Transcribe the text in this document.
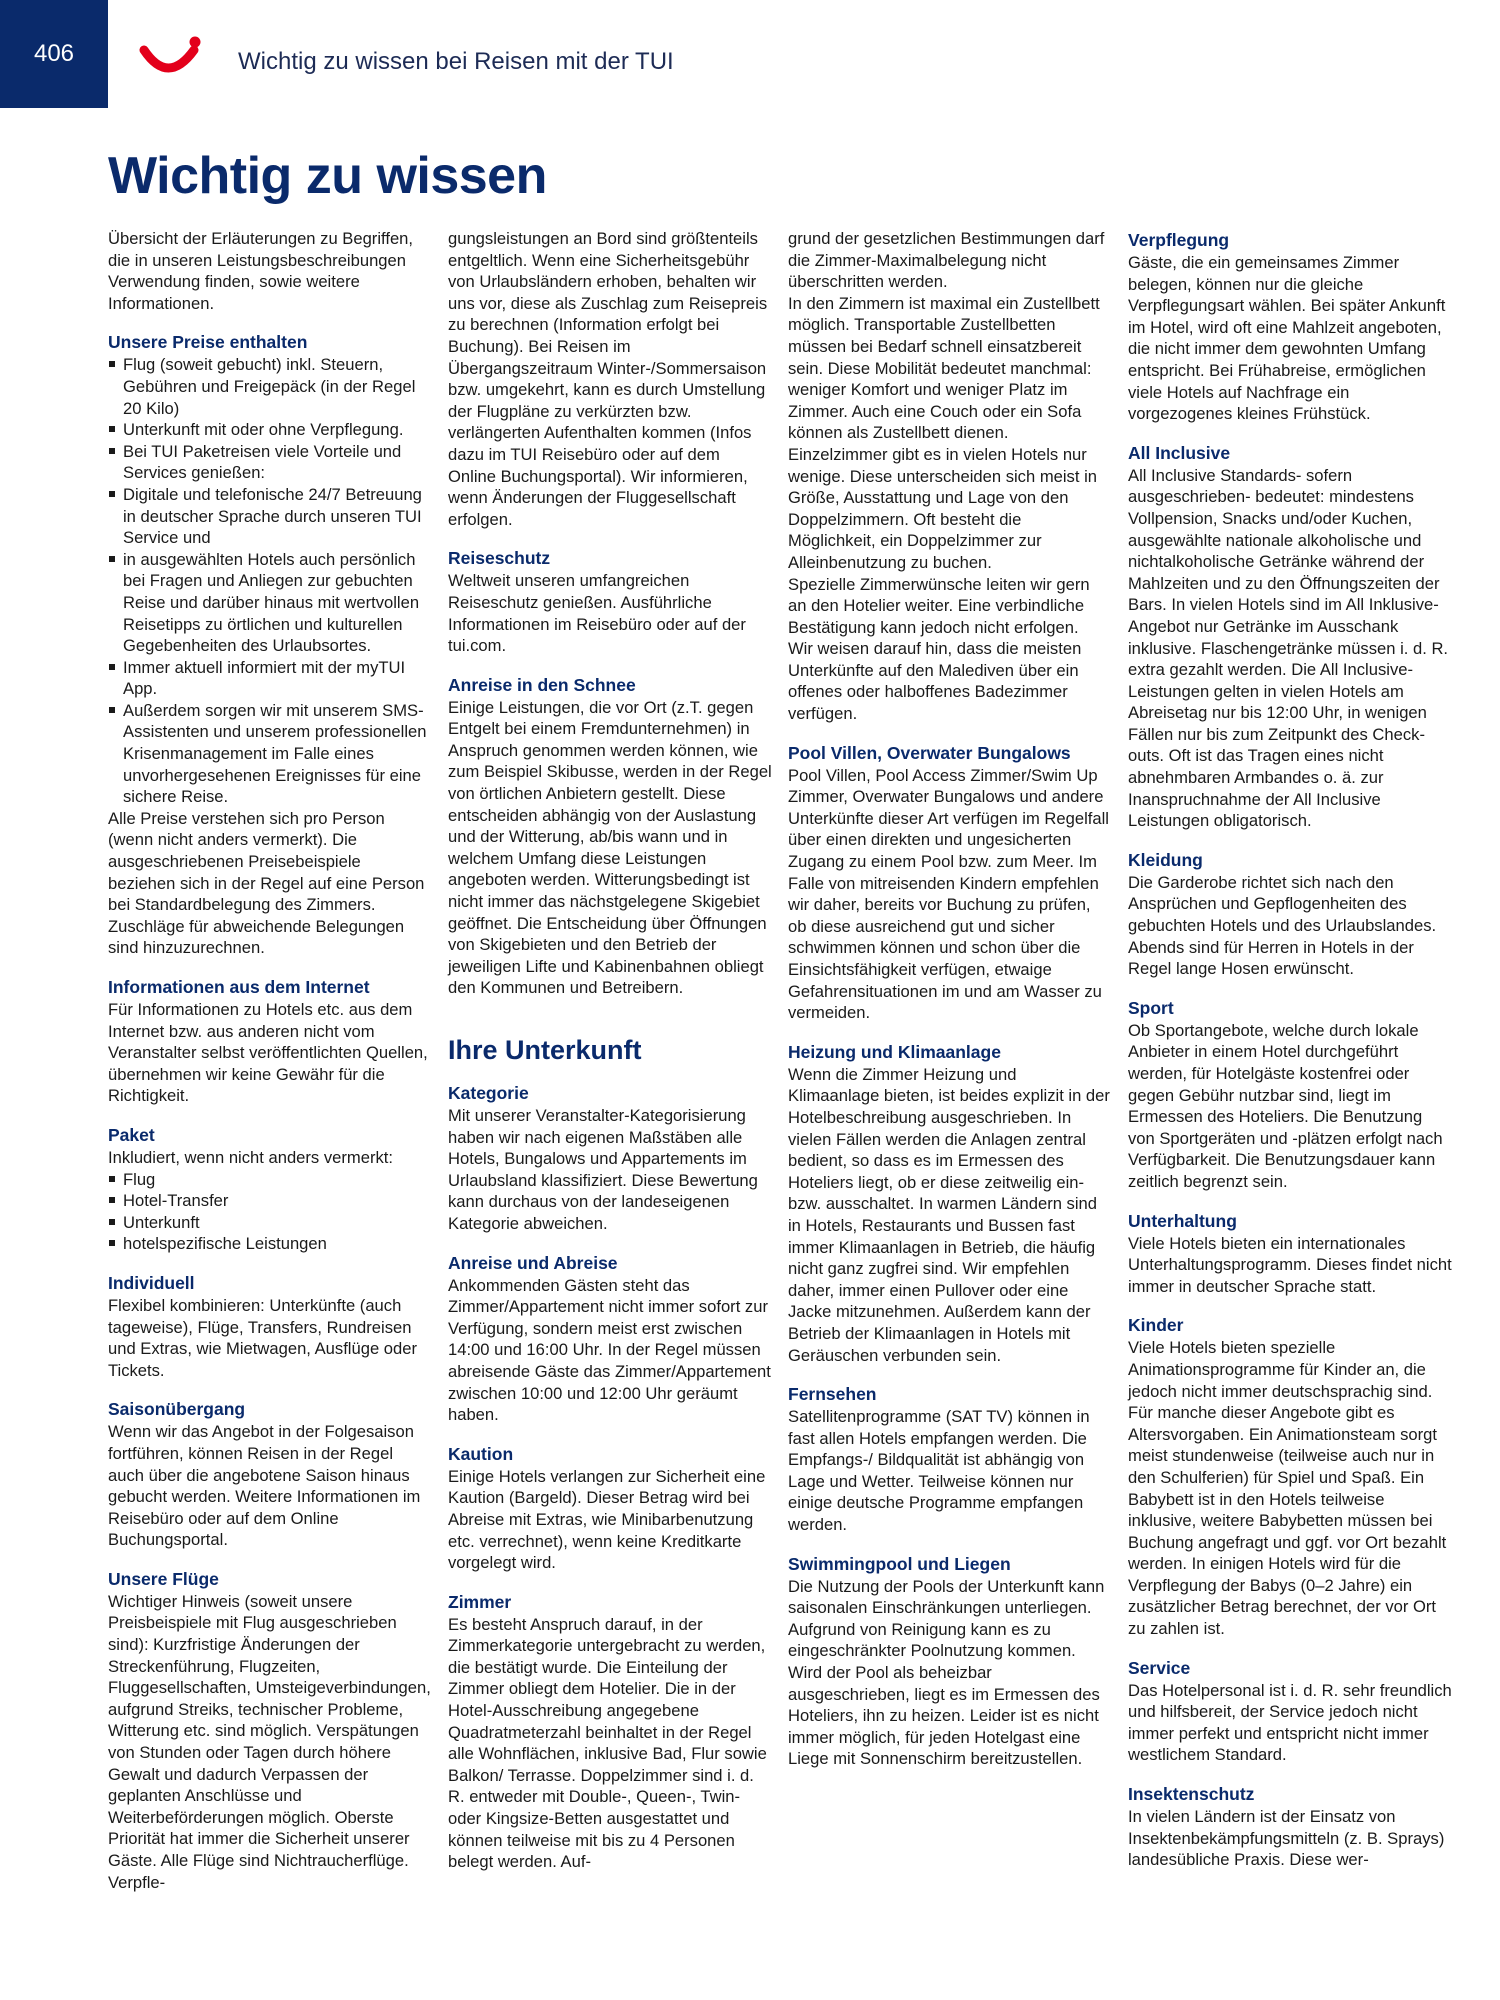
406	Wichtig zu wissen bei Reisen mit der TUI
Wichtig zu wissen

Übersicht der Erläuterungen zu Begriffen, die in unseren Leistungsbeschreibungen Verwendung finden, sowie weitere Informationen.

Unsere Preise enthalten
Flug (soweit gebucht) inkl. Steuern, Gebühren und Freigepäck (in der Regel 20 Kilo)
Unterkunft mit oder ohne Verpflegung.
Bei TUI Paketreisen viele Vorteile und Services genießen:
Digitale und telefonische 24/7 Betreuung in deutscher Sprache durch unseren TUI Service und
in ausgewählten Hotels auch persönlich bei Fragen und Anliegen zur gebuchten Reise und darüber hinaus mit wertvollen Reisetipps zu örtlichen und kulturellen Gegebenheiten des Urlaubsortes.
Immer aktuell informiert mit der myTUI App.
Außerdem sorgen wir mit unserem SMS-Assistenten und unserem professionellen Krisenmanagement im Falle eines unvorhergesehenen Ereignisses für eine sichere Reise.

Alle Preise verstehen sich pro Person (wenn nicht anders vermerkt). Die ausgeschriebenen Preisebeispiele beziehen sich in der Regel auf eine Person bei Standardbelegung des Zimmers. Zuschläge für abweichende Belegungen sind hinzuzurechnen.

Informationen aus dem Internet

Für Informationen zu Hotels etc. aus dem Internet bzw. aus anderen nicht vom Veranstalter selbst veröffentlichten Quellen, übernehmen wir keine Gewähr für die Richtigkeit.

Paket

Inkludiert, wenn nicht anders vermerkt:

Flug
Hotel-Transfer
Unterkunft
hotelspezifische Leistungen
Individuell

Flexibel kombinieren: Unterkünfte (auch tageweise), Flüge, Transfers, Rundreisen und Extras, wie Mietwagen, Ausflüge oder Tickets.

Saisonübergang

Wenn wir das Angebot in der Folgesaison fortführen, können Reisen in der Regel auch über die angebotene Saison hinaus gebucht werden. Weitere Informationen im Reisebüro oder auf dem Online Buchungsportal.

Unsere Flüge

Wichtiger Hinweis (soweit unsere Preisbeispiele mit Flug ausgeschrieben sind): Kurzfristige Änderungen der Streckenführung, Flugzeiten, Fluggesellschaften, Umsteigeverbindungen, aufgrund Streiks, technischer Probleme, Witterung etc. sind möglich. Verspätungen von Stunden oder Tagen durch höhere Gewalt und dadurch Verpassen der geplanten Anschlüsse und Weiterbeförderungen möglich. Oberste Priorität hat immer die Sicherheit unserer Gäste. Alle Flüge sind Nichtraucherflüge. Verpfle-

gungsleistungen an Bord sind größtenteils entgeltlich. Wenn eine Sicherheitsgebühr von Urlaubsländern erhoben, behalten wir uns vor, diese als Zuschlag zum Reisepreis zu berechnen (Information erfolgt bei Buchung). Bei Reisen im Übergangszeitraum Winter-/Sommersaison bzw. umgekehrt, kann es durch Umstellung der Flugpläne zu verkürzten bzw. verlängerten Aufenthalten kommen (Infos dazu im TUI Reisebüro oder auf dem Online Buchungsportal). Wir informieren, wenn Änderungen der Fluggesellschaft erfolgen.

Reiseschutz

Weltweit unseren umfangreichen Reiseschutz genießen. Ausführliche Informationen im Reisebüro oder auf der tui.com.

Anreise in den Schnee

Einige Leistungen, die vor Ort (z.T. gegen Entgelt bei einem Fremdunternehmen) in Anspruch genommen werden können, wie zum Beispiel Skibusse, werden in der Regel von örtlichen Anbietern gestellt. Diese entscheiden abhängig von der Auslastung und der Witterung, ab/bis wann und in welchem Umfang diese Leistungen angeboten werden. Witterungsbedingt ist nicht immer das nächstgelegene Skigebiet geöffnet. Die Entscheidung über Öffnungen von Skigebieten und den Betrieb der jeweiligen Lifte und Kabinenbahnen obliegt den Kommunen und Betreibern.

Ihre Unterkunft
Kategorie

Mit unserer Veranstalter-Kategorisierung haben wir nach eigenen Maßstäben alle Hotels, Bungalows und Appartements im Urlaubsland klassifiziert. Diese Bewertung kann durchaus von der landeseigenen Kategorie abweichen.

Anreise und Abreise

Ankommenden Gästen steht das Zimmer/Appartement nicht immer sofort zur Verfügung, sondern meist erst zwischen 14:00 und 16:00 Uhr. In der Regel müssen abreisende Gäste das Zimmer/Appartement zwischen 10:00 und 12:00 Uhr geräumt haben.

Kaution

Einige Hotels verlangen zur Sicherheit eine Kaution (Bargeld). Dieser Betrag wird bei Abreise mit Extras, wie Minibarbenutzung etc. verrechnet), wenn keine Kreditkarte vorgelegt wird.

Zimmer

Es besteht Anspruch darauf, in der Zimmerkategorie untergebracht zu werden, die bestätigt wurde. Die Einteilung der Zimmer obliegt dem Hotelier. Die in der Hotel-Ausschreibung angegebene Quadratmeterzahl beinhaltet in der Regel alle Wohnflächen, inklusive Bad, Flur sowie Balkon/ Terrasse. Doppelzimmer sind i. d. R. entweder mit Double-, Queen-, Twin- oder Kingsize-Betten ausgestattet und können teilweise mit bis zu 4 Personen belegt werden. Auf-

grund der gesetzlichen Bestimmungen darf die Zimmer-Maximalbelegung nicht überschritten werden.

In den Zimmern ist maximal ein Zustellbett möglich. Transportable Zustellbetten müssen bei Bedarf schnell einsatzbereit sein. Diese Mobilität bedeutet manchmal: weniger Komfort und weniger Platz im Zimmer. Auch eine Couch oder ein Sofa können als Zustellbett dienen.

Einzelzimmer gibt es in vielen Hotels nur wenige. Diese unterscheiden sich meist in Größe, Ausstattung und Lage von den Doppelzimmern. Oft besteht die Möglichkeit, ein Doppelzimmer zur Alleinbenutzung zu buchen.

Spezielle Zimmerwünsche leiten wir gern an den Hotelier weiter. Eine verbindliche Bestätigung kann jedoch nicht erfolgen.

Wir weisen darauf hin, dass die meisten Unterkünfte auf den Malediven über ein offenes oder halboffenes Badezimmer verfügen.

Pool Villen, Overwater Bungalows

Pool Villen, Pool Access Zimmer/Swim Up Zimmer, Overwater Bungalows und andere Unterkünfte dieser Art verfügen im Regelfall über einen direkten und ungesicherten Zugang zu einem Pool bzw. zum Meer. Im Falle von mitreisenden Kindern empfehlen wir daher, bereits vor Buchung zu prüfen, ob diese ausreichend gut und sicher schwimmen können und schon über die Einsichtsfähigkeit verfügen, etwaige Gefahrensituationen im und am Wasser zu vermeiden.

Heizung und Klimaanlage

Wenn die Zimmer Heizung und Klimaanlage bieten, ist beides explizit in der Hotelbeschreibung ausgeschrieben. In vielen Fällen werden die Anlagen zentral bedient, so dass es im Ermessen des Hoteliers liegt, ob er diese zeitweilig ein- bzw. ausschaltet. In warmen Ländern sind in Hotels, Restaurants und Bussen fast immer Klimaanlagen in Betrieb, die häufig nicht ganz zugfrei sind. Wir empfehlen daher, immer einen Pullover oder eine Jacke mitzunehmen. Außerdem kann der Betrieb der Klimaanlagen in Hotels mit Geräuschen verbunden sein.

Fernsehen

Satellitenprogramme (SAT TV) können in fast allen Hotels empfangen werden. Die Empfangs-/ Bildqualität ist abhängig von Lage und Wetter. Teilweise können nur einige deutsche Programme empfangen werden.

Swimmingpool und Liegen

Die Nutzung der Pools der Unterkunft kann saisonalen Einschränkungen unterliegen. Aufgrund von Reinigung kann es zu eingeschränkter Poolnutzung kommen. Wird der Pool als beheizbar ausgeschrieben, liegt es im Ermessen des Hoteliers, ihn zu heizen. Leider ist es nicht immer möglich, für jeden Hotelgast eine Liege mit Sonnenschirm bereitzustellen.

Verpflegung

Gäste, die ein gemeinsames Zimmer belegen, können nur die gleiche Verpflegungsart wählen. Bei später Ankunft im Hotel, wird oft eine Mahlzeit angeboten, die nicht immer dem gewohnten Umfang entspricht. Bei Frühabreise, ermöglichen viele Hotels auf Nachfrage ein vorgezogenes kleines Frühstück.

All Inclusive

All Inclusive Standards- sofern ausgeschrieben- bedeutet: mindestens Vollpension, Snacks und/oder Kuchen, ausgewählte nationale alkoholische und nichtalkoholische Getränke während der Mahlzeiten und zu den Öffnungszeiten der Bars. In vielen Hotels sind im All Inklusive-Angebot nur Getränke im Ausschank inklusive. Flaschengetränke müssen i. d. R. extra gezahlt werden. Die All Inclusive- Leistungen gelten in vielen Hotels am Abreisetag nur bis 12:00 Uhr, in wenigen Fällen nur bis zum Zeitpunkt des Check-outs. Oft ist das Tragen eines nicht abnehmbaren Armbandes o. ä. zur Inanspruchnahme der All Inclusive Leistungen obligatorisch.

Kleidung

Die Garderobe richtet sich nach den Ansprüchen und Gepflogenheiten des gebuchten Hotels und des Urlaubslandes. Abends sind für Herren in Hotels in der Regel lange Hosen erwünscht.

Sport

Ob Sportangebote, welche durch lokale Anbieter in einem Hotel durchgeführt werden, für Hotelgäste kostenfrei oder gegen Gebühr nutzbar sind, liegt im Ermessen des Hoteliers. Die Benutzung von Sportgeräten und -plätzen erfolgt nach Verfügbarkeit. Die Benutzungsdauer kann zeitlich begrenzt sein.

Unterhaltung

Viele Hotels bieten ein internationales Unterhaltungsprogramm. Dieses findet nicht immer in deutscher Sprache statt.

Kinder

Viele Hotels bieten spezielle Animationsprogramme für Kinder an, die jedoch nicht immer deutschsprachig sind. Für manche dieser Angebote gibt es Altersvorgaben. Ein Animationsteam sorgt meist stundenweise (teilweise auch nur in den Schulferien) für Spiel und Spaß. Ein Babybett ist in den Hotels teilweise inklusive, weitere Babybetten müssen bei Buchung angefragt und ggf. vor Ort bezahlt werden. In einigen Hotels wird für die Verpflegung der Babys (0–2 Jahre) ein zusätzlicher Betrag berechnet, der vor Ort zu zahlen ist.

Service

Das Hotelpersonal ist i. d. R. sehr freundlich und hilfsbereit, der Service jedoch nicht immer perfekt und entspricht nicht immer westlichem Standard.

Insektenschutz

In vielen Ländern ist der Einsatz von Insektenbekämpfungsmitteln (z. B. Sprays) landesübliche Praxis. Diese wer-
